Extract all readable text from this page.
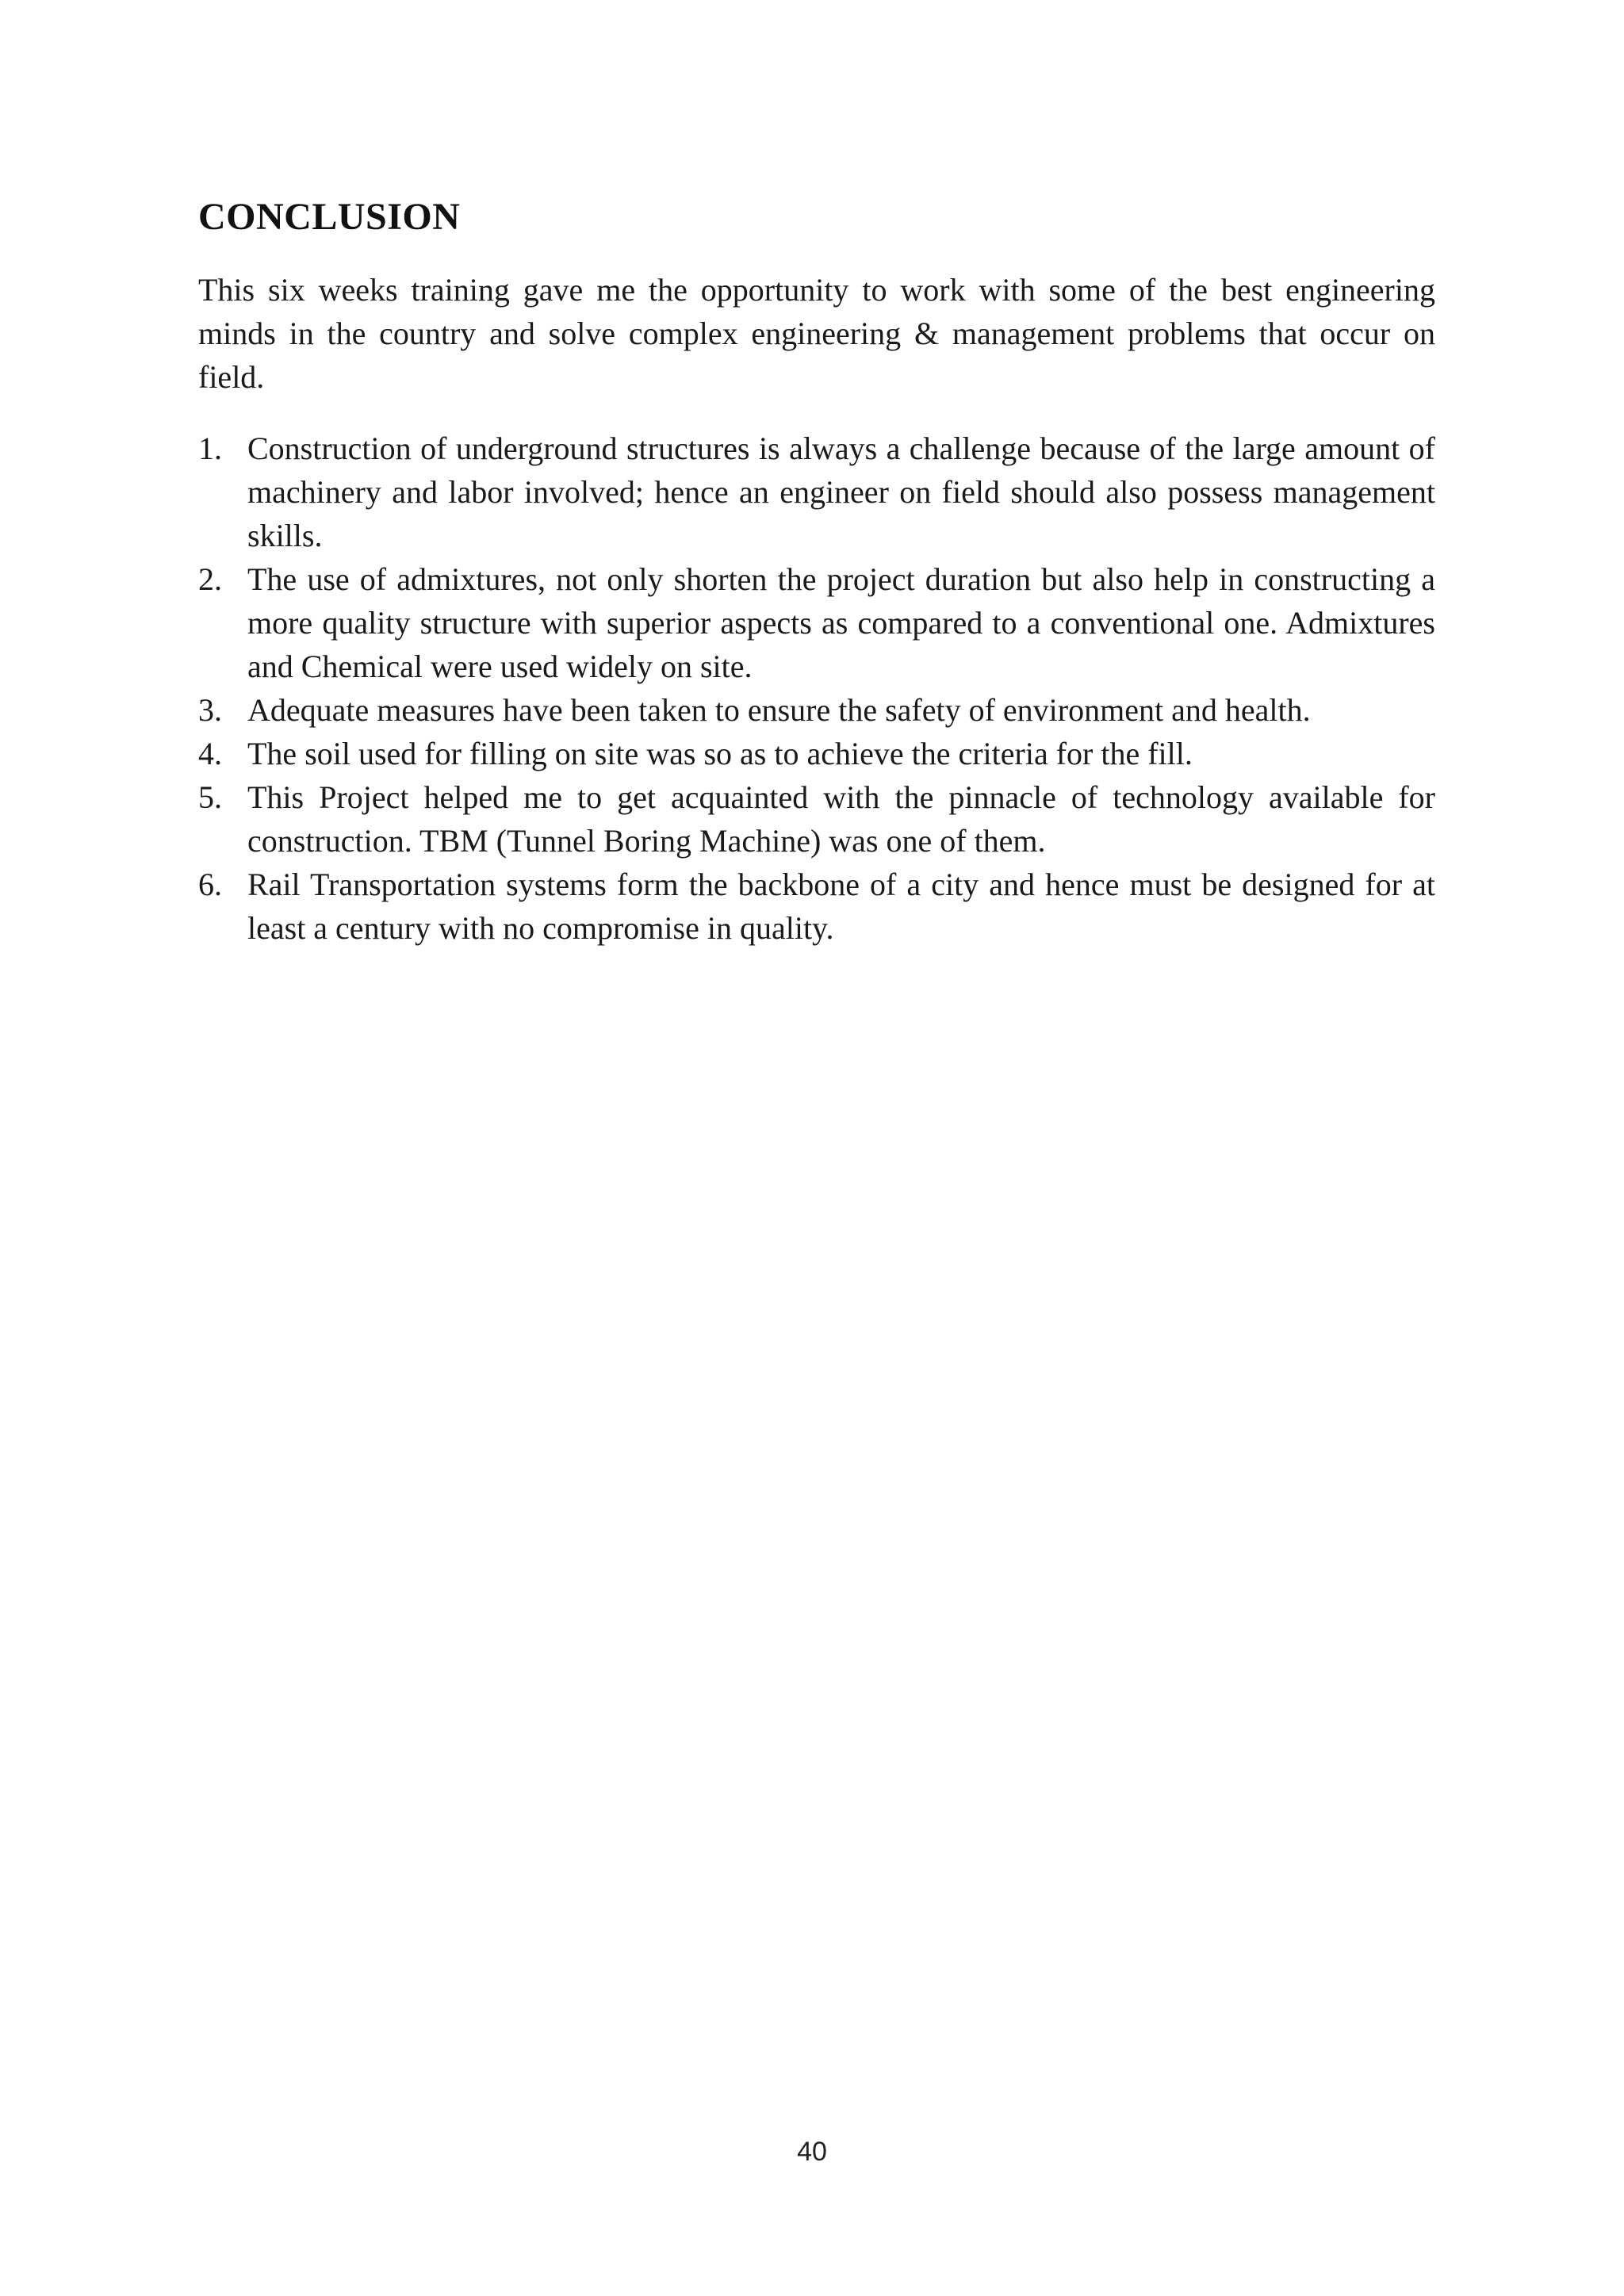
CONCLUSION

This six weeks training gave me the opportunity to work with some of the best engineering minds in the country and solve complex engineering & management problems that occur on field.

1. Construction of underground structures is always a challenge because of the large amount of machinery and labor involved; hence an engineer on field should also possess management skills.
2. The use of admixtures, not only shorten the project duration but also help in constructing a more quality structure with superior aspects as compared to a conventional one. Admixtures and Chemical were used widely on site.
3. Adequate measures have been taken to ensure the safety of environment and health.
4. The soil used for filling on site was so as to achieve the criteria for the fill.
5. This Project helped me to get acquainted with the pinnacle of technology available for construction. TBM (Tunnel Boring Machine) was one of them.
6. Rail Transportation systems form the backbone of a city and hence must be designed for at least a century with no compromise in quality.
40
